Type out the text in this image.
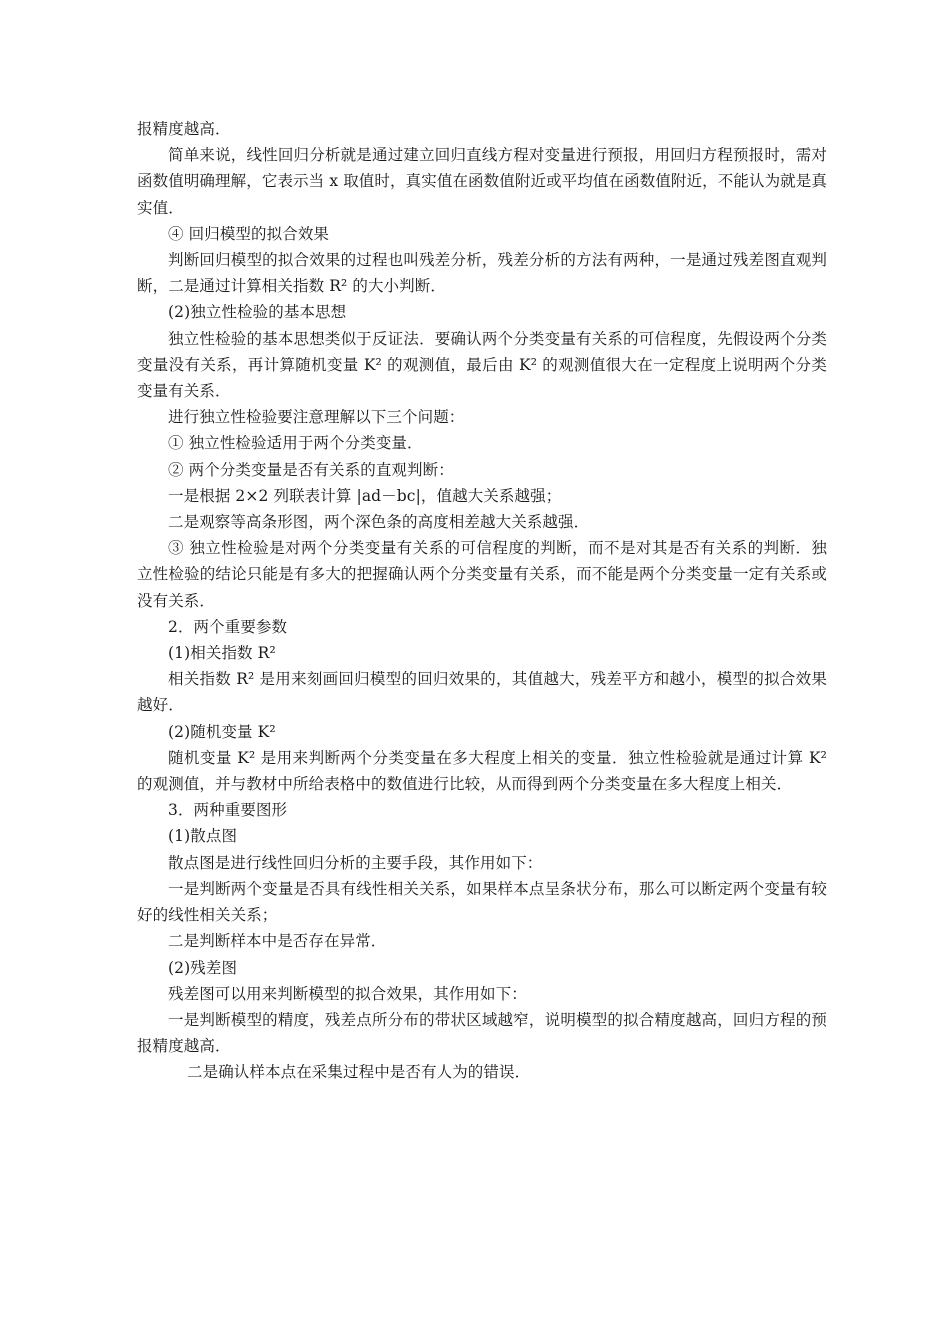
报精度越高．

简单来说，线性回归分析就是通过建立回归直线方程对变量进行预报，用回归方程预报时，需对函数值明确理解，它表示当 x 取值时，真实值在函数值附近或平均值在函数值附近，不能认为就是真实值．

④ 回归模型的拟合效果

判断回归模型的拟合效果的过程也叫残差分析，残差分析的方法有两种，一是通过残差图直观判断，二是通过计算相关指数 R² 的大小判断．

(2)独立性检验的基本思想

独立性检验的基本思想类似于反证法．要确认两个分类变量有关系的可信程度，先假设两个分类变量没有关系，再计算随机变量 K² 的观测值，最后由 K² 的观测值很大在一定程度上说明两个分类变量有关系．

进行独立性检验要注意理解以下三个问题：

① 独立性检验适用于两个分类变量．

② 两个分类变量是否有关系的直观判断：

一是根据 2×2 列联表计算 |ad－bc|，值越大关系越强；

二是观察等高条形图，两个深色条的高度相差越大关系越强．

③ 独立性检验是对两个分类变量有关系的可信程度的判断，而不是对其是否有关系的判断．独立性检验的结论只能是有多大的把握确认两个分类变量有关系，而不能是两个分类变量一定有关系或没有关系．

2．两个重要参数

(1)相关指数 R²

相关指数 R² 是用来刻画回归模型的回归效果的，其值越大，残差平方和越小，模型的拟合效果越好．

(2)随机变量 K²

随机变量 K² 是用来判断两个分类变量在多大程度上相关的变量．独立性检验就是通过计算 K² 的观测值，并与教材中所给表格中的数值进行比较，从而得到两个分类变量在多大程度上相关．

3．两种重要图形

(1)散点图

散点图是进行线性回归分析的主要手段，其作用如下：

一是判断两个变量是否具有线性相关关系，如果样本点呈条状分布，那么可以断定两个变量有较好的线性相关关系；

二是判断样本中是否存在异常．

(2)残差图

残差图可以用来判断模型的拟合效果，其作用如下：

一是判断模型的精度，残差点所分布的带状区域越窄，说明模型的拟合精度越高，回归方程的预报精度越高．

二是确认样本点在采集过程中是否有人为的错误．
